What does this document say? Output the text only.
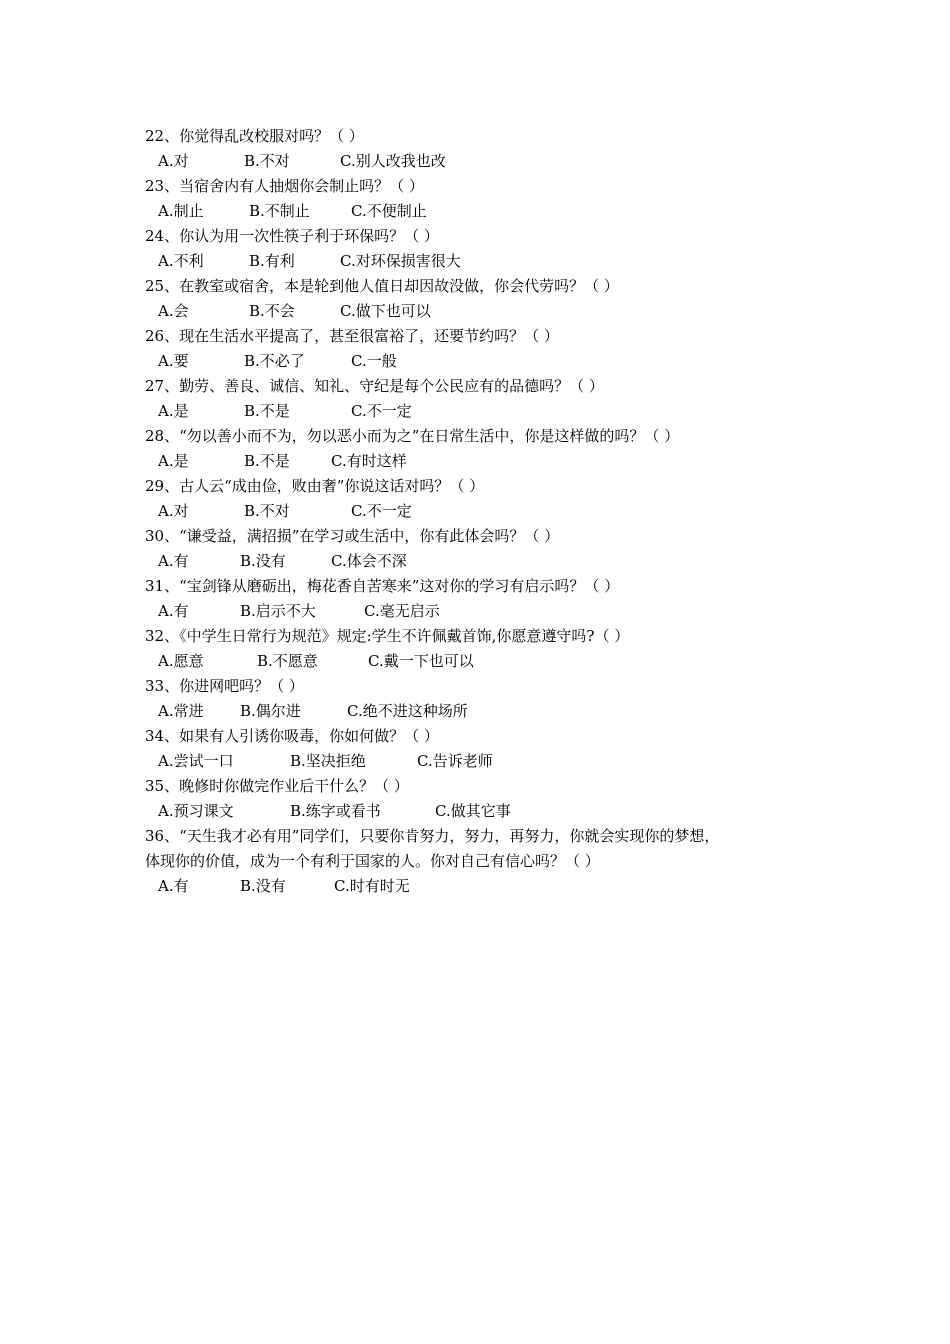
22、你觉得乱改校服对吗？（ ）
A.对	B.不对	C.别人改我也改
23、当宿舍内有人抽烟你会制止吗？（ ）
A.制止	B.不制止	C.不便制止
24、你认为用一次性筷子利于环保吗？（ ）
A.不利	B.有利	C.对环保损害很大
25、在教室或宿舍，本是轮到他人值日却因故没做，你会代劳吗？（ ）
A.会	B.不会	C.做下也可以
26、现在生活水平提高了，甚至很富裕了，还要节约吗？（ ）
A.要	B.不必了	C.一般
27、勤劳、善良、诚信、知礼、守纪是每个公民应有的品德吗？（ ）
A.是	B.不是	C.不一定
28、“勿以善小而不为，勿以恶小而为之”在日常生活中，你是这样做的吗？（ ）
A.是	B.不是	C.有时这样
29、古人云“成由俭，败由奢”你说这话对吗？（ ）
A.对	B.不对	C.不一定
30、“谦受益，满招损”在学习或生活中，你有此体会吗？（ ）
A.有	B.没有	C.体会不深
31、“宝剑锋从磨砺出，梅花香自苦寒来”这对你的学习有启示吗？（ ）
A.有	B.启示不大	C.毫无启示
32、《中学生日常行为规范》规定:学生不许佩戴首饰,你愿意遵守吗?（ ）
A.愿意	B.不愿意	C.戴一下也可以
33、你进网吧吗？（ ）
A.常进 B.偶尔进	C.绝不进这种场所
34、如果有人引诱你吸毒，你如何做？（ ）
A.尝试一口	B.坚决拒绝	C.告诉老师
35、晚修时你做完作业后干什么？（ ）
A.预习课文	B.练字或看书	C.做其它事
36、“天生我才必有用”同学们，只要你肯努力，努力，再努力，你就会实现你的梦想，
体现你的价值，成为一个有利于国家的人。你对自己有信心吗？（ ）
A.有	B.没有	C.时有时无
